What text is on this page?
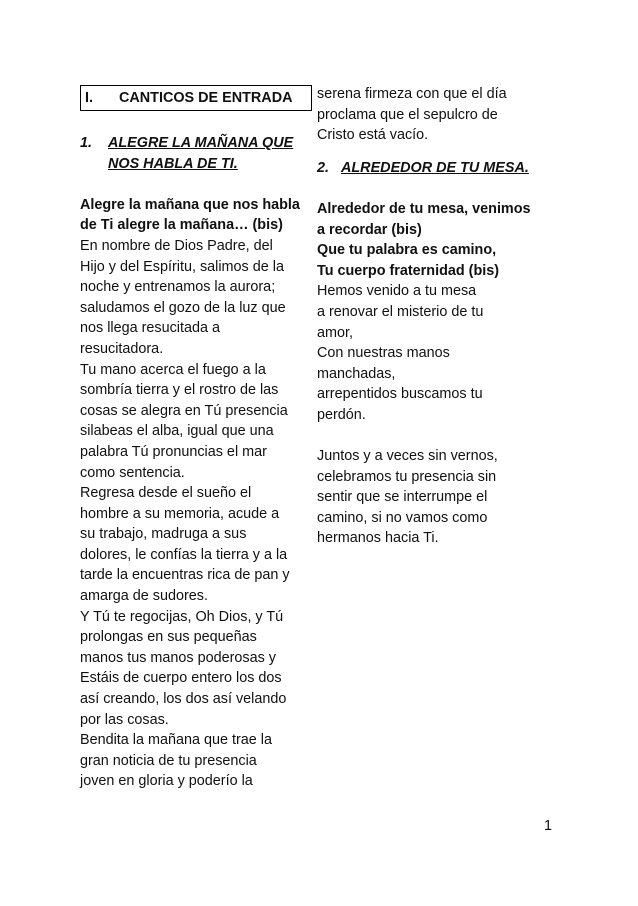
I.	CANTICOS DE ENTRADA
1.	ALEGRE LA MAÑANA QUE
NOS HABLA DE TI.
Alegre la mañana que nos habla
de Ti alegre la mañana… (bis)
En nombre de Dios Padre, del
Hijo y del Espíritu, salimos de la
noche y entrenamos la aurora;
saludamos el gozo de la luz que
nos llega resucitada a
resucitadora.
Tu mano acerca el fuego a la
sombría tierra y el rostro de las
cosas se alegra en Tú presencia
silabeas el alba, igual que una
palabra Tú pronuncias el mar
como sentencia.
Regresa desde el sueño el
hombre a su memoria, acude a
su trabajo, madruga a sus
dolores, le confías la tierra y a la
tarde la encuentras rica de pan y
amarga de sudores.
Y Tú te regocijas, Oh Dios, y Tú
prolongas en sus pequeñas
manos tus manos poderosas y
Estáis de cuerpo entero los dos
así creando, los dos así velando
por las cosas.
Bendita la mañana que trae la
gran noticia de tu presencia
joven en gloria y poderío la
serena firmeza con que el día
proclama que el sepulcro de
Cristo está vacío.
2. ALREDEDOR DE TU MESA.
Alrededor de tu mesa, venimos
a recordar (bis)
Que tu palabra es camino,
Tu cuerpo fraternidad (bis)
Hemos venido a tu mesa
a renovar el misterio de tu
amor,
Con nuestras manos
manchadas,
arrepentidos buscamos tu
perdón.
Juntos y a veces sin vernos,
celebramos tu presencia sin
sentir que se interrumpe el
camino, si no vamos como
hermanos hacia Ti.
1
